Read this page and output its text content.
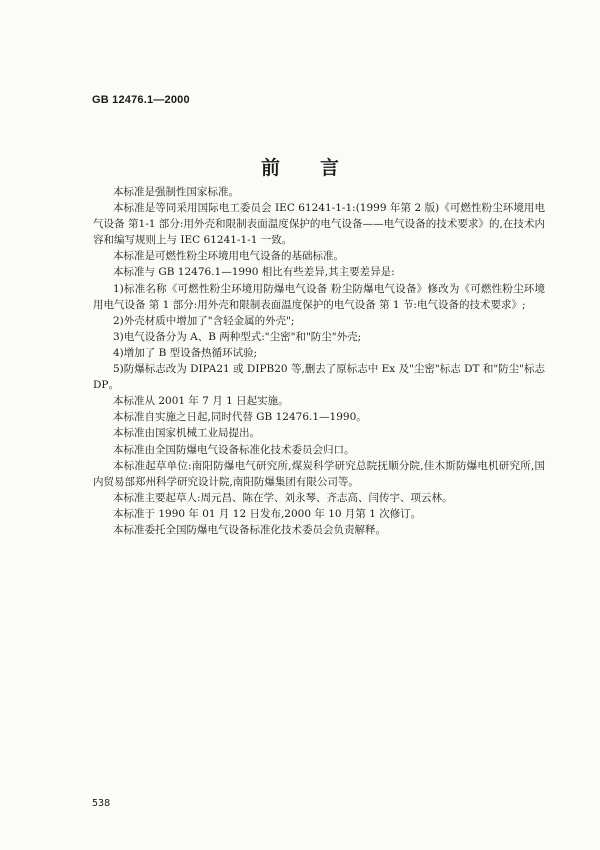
GB 12476.1—2000
前言

本标准是强制性国家标准。

本标准是等同采用国际电工委员会 IEC 61241-1-1:(1999 年第 2 版)《可燃性粉尘环境用电气设备 第1-1 部分:用外壳和限制表面温度保护的电气设备——电气设备的技术要求》的,在技术内容和编写规则上与 IEC 61241-1-1 一致。

本标准是可燃性粉尘环境用电气设备的基础标准。

本标准与 GB 12476.1—1990 相比有些差异,其主要差异是:

1)标准名称《可燃性粉尘环境用防爆电气设备 粉尘防爆电气设备》修改为《可燃性粉尘环境用电气设备 第 1 部分:用外壳和限制表面温度保护的电气设备 第 1 节:电气设备的技术要求》;

2)外壳材质中增加了"含轻金属的外壳";

3)电气设备分为 A、B 两种型式:"尘密"和"防尘"外壳;

4)增加了 B 型设备热循环试验;

5)防爆标志改为 DIPA21 或 DIPB20 等,删去了原标志中 Ex 及"尘密"标志 DT 和"防尘"标志 DP。

本标准从 2001 年 7 月 1 日起实施。

本标准自实施之日起,同时代替 GB 12476.1—1990。

本标准由国家机械工业局提出。

本标准由全国防爆电气设备标准化技术委员会归口。

本标准起草单位:南阳防爆电气研究所,煤炭科学研究总院抚顺分院,佳木斯防爆电机研究所,国内贸易部郑州科学研究设计院,南阳防爆集团有限公司等。

本标准主要起草人:周元昌、陈在学、刘永琴、齐志高、闫传宇、项云林。

本标准于 1990 年 01 月 12 日发布,2000 年 10 月第 1 次修订。

本标准委托全国防爆电气设备标准化技术委员会负责解释。

538
